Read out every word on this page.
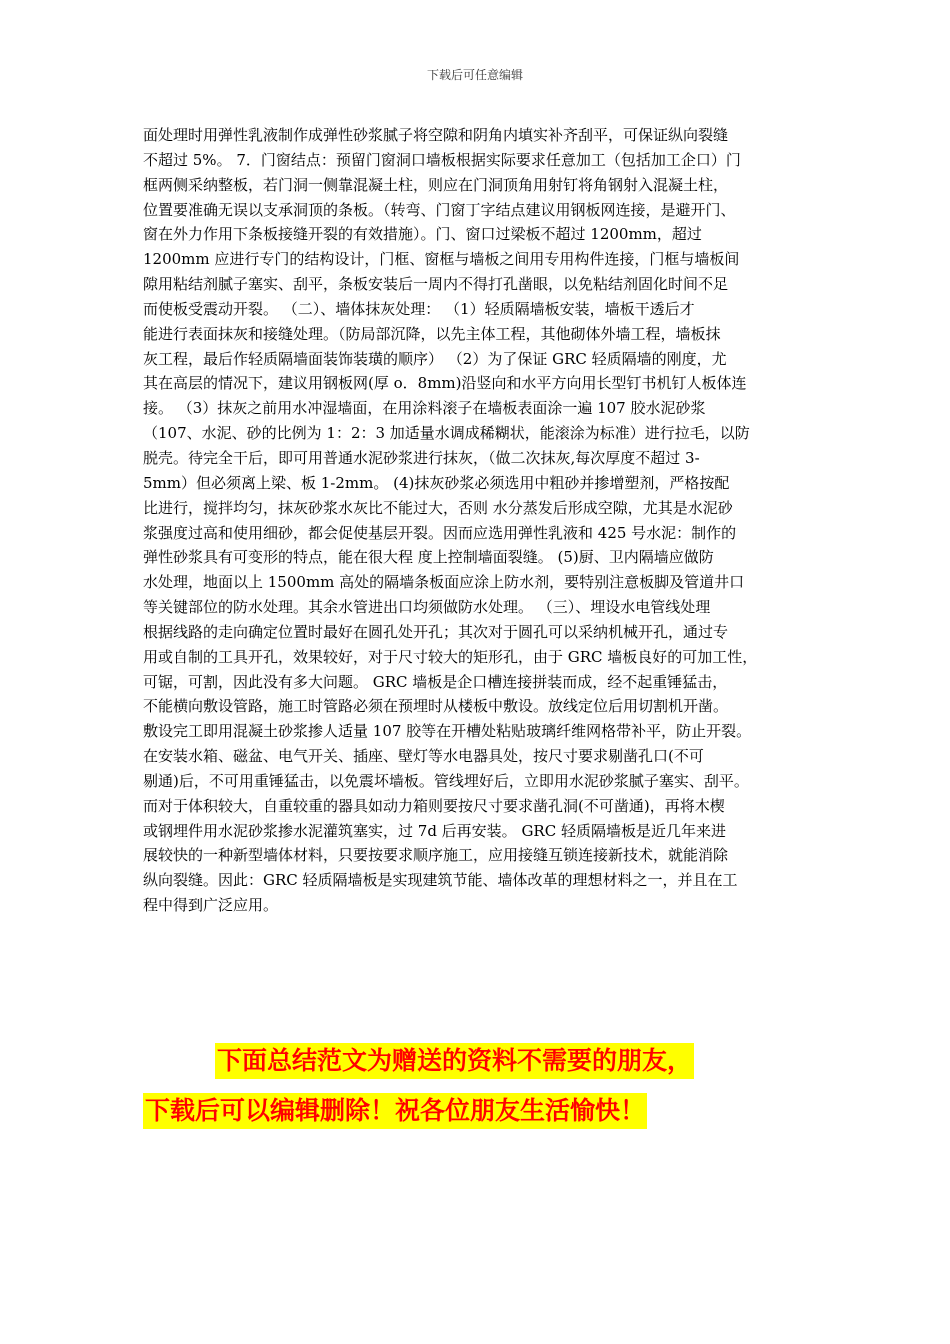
下载后可任意编辑
面处理时用弹性乳液制作成弹性砂浆腻子将空隙和阴角内填实补齐刮平，可保证纵向裂缝
不超过 5%。 7．门窗结点：预留门窗洞口墙板根据实际要求任意加工（包括加工企口）门
框两侧采纳整板，若门洞一侧靠混凝土柱，则应在门洞顶角用射钉将角钢射入混凝土柱，
位置要准确无误以支承洞顶的条板。（转弯、门窗丁字结点建议用钢板网连接，是避开门、
窗在外力作用下条板接缝开裂的有效措施）。门、窗口过梁板不超过 1200mm，超过
1200mm 应进行专门的结构设计，门框、窗框与墙板之间用专用构件连接，门框与墙板间
隙用粘结剂腻子塞实、刮平，条板安装后一周内不得打孔凿眼，以免粘结剂固化时间不足
而使板受震动开裂。 （二）、墙体抹灰处理： （1）轻质隔墙板安装，墙板干透后才
能进行表面抹灰和接缝处理。（防局部沉降，以先主体工程，其他砌体外墙工程，墙板抹
灰工程，最后作轻质隔墙面装饰装璜的顺序） （2）为了保证 GRC 轻质隔墙的刚度，尤
其在高层的情况下，建议用钢板网(厚 o．8mm)沿竖向和水平方向用长型钉书机钉人板体连
接。 （3）抹灰之前用水冲湿墙面，在用涂料滚子在墙板表面涂一遍 107 胶水泥砂浆
（107、水泥、砂的比例为 1：2：3 加适量水调成稀糊状，能滚涂为标准）进行拉毛，以防
脱壳。待完全干后，即可用普通水泥砂浆进行抹灰，（做二次抹灰,每次厚度不超过 3-
5mm）但必须离上梁、板 1-2mm。 (4)抹灰砂浆必须选用中粗砂并掺增塑剂，严格按配
比进行，搅拌均匀，抹灰砂浆水灰比不能过大，否则 水分蒸发后形成空隙，尤其是水泥砂
浆强度过高和使用细砂，都会促使基层开裂。因而应选用弹性乳液和 425 号水泥：制作的
弹性砂浆具有可变形的特点，能在很大程 度上控制墙面裂缝。 (5)厨、卫内隔墙应做防
水处理，地面以上 1500mm 高处的隔墙条板面应涂上防水剂，要特别注意板脚及管道井口
等关键部位的防水处理。其余水管进出口均须做防水处理。 （三）、埋设水电管线处理
根据线路的走向确定位置时最好在圆孔处开孔；其次对于圆孔可以采纳机械开孔，通过专
用或自制的工具开孔，效果较好，对于尺寸较大的矩形孔，由于 GRC 墙板良好的可加工性，
可锯，可割，因此没有多大问题。 GRC 墙板是企口槽连接拼装而成，经不起重锤猛击，
不能横向敷设管路，施工时管路必须在预埋时从楼板中敷设。放线定位后用切割机开凿。
敷设完工即用混凝土砂浆掺人适量 107 胶等在开槽处粘贴玻璃纤维网格带补平，防止开裂。
在安装水箱、磁盆、电气开关、插座、壁灯等水电器具处，按尺寸要求剔凿孔口(不可
剔通)后，不可用重锤猛击，以免震坏墙板。管线埋好后，立即用水泥砂浆腻子塞实、刮平。
而对于体积较大，自重较重的器具如动力箱则要按尺寸要求凿孔洞(不可凿通)，再将木楔
或钢埋件用水泥砂浆掺水泥灌筑塞实，过 7d 后再安装。 GRC 轻质隔墙板是近几年来进
展较快的一种新型墙体材料，只要按要求顺序施工，应用接缝互锁连接新技术，就能消除
纵向裂缝。因此：GRC 轻质隔墙板是实现建筑节能、墙体改革的理想材料之一，并且在工
程中得到广泛应用。
下面总结范文为赠送的资料不需要的朋友，
下载后可以编辑删除！祝各位朋友生活愉快！
